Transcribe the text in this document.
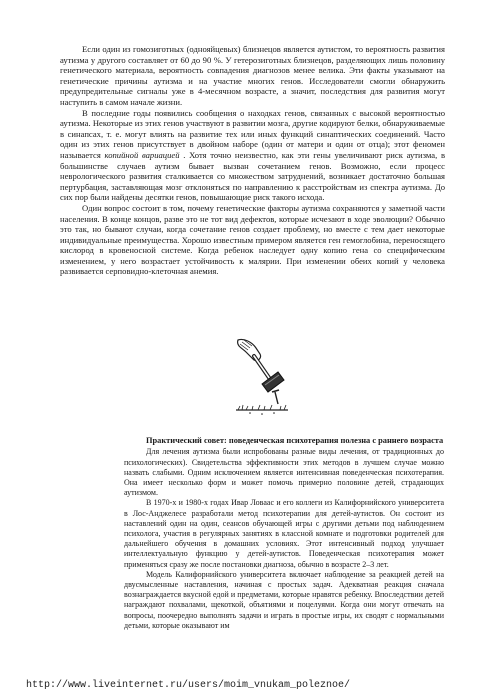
Если один из гомозиготных (однояйцевых) близнецов является аутистом, то вероятность развития аутизма у другого составляет от 60 до 90 %. У гетерозиготных близнецов, разделяющих лишь половину генетического материала, вероятность совпадения диагнозов менее велика. Эти факты указывают на генетические причины аутизма и на участие многих генов. Исследователи смогли обнаружить предупредительные сигналы уже в 4-месячном возрасте, а значит, последствия для развития могут наступить в самом начале жизни.

В последние годы появились сообщения о находках генов, связанных с высокой вероятностью аутизма. Некоторые из этих генов участвуют в развитии мозга, другие кодируют белки, обнаруживаемые в синапсах, т. е. могут влиять на развитие тех или иных функций синаптических соединений. Часто один из этих генов присутствует в двойном наборе (один от матери и один от отца); этот феномен называется копийной вариацией . Хотя точно неизвестно, как эти гены увеличивают риск аутизма, в большинстве случаев аутизм бывает вызван сочетанием генов. Возможно, если процесс неврологического развития сталкивается со множеством затруднений, возникает достаточно большая пертурбация, заставляющая мозг отклоняться по направлению к расстройствам из спектра аутизма. До сих пор были найдены десятки генов, повышающие риск такого исхода.

Один вопрос состоит в том, почему генетические факторы аутизма сохраняются у заметной части населения. В конце концов, разве это не тот вид дефектов, которые исчезают в ходе эволюции? Обычно это так, но бывают случаи, когда сочетание генов создает проблему, но вместе с тем дает некоторые индивидуальные преимущества. Хорошо известным примером является ген гемоглобина, переносящего кислород в кровеносной системе. Когда ребенок наследует одну копию гена со специфическим изменением, у него возрастает устойчивость к малярии. При изменении обеих копий у человека развивается серповидно-клеточная анемия.

Практический совет: поведенческая психотерапия полезна с раннего возраста

Для лечения аутизма были испробованы разные виды лечения, от традиционных до психологических). Свидетельства эффективности этих методов в лучшем случае можно назвать слабыми. Одним исключением является интенсивная поведенческая психотерапия. Она имеет несколько форм и может помочь примерно половине детей, страдающих аутизмом.

В 1970-х и 1980-х годах Ивар Ловаас и его коллеги из Калифорнийского университета в Лос-Анджелесе разработали метод психотерапии для детей-аутистов. Он состоит из наставлений один на один, сеансов обучающей игры с другими детьми под наблюдением психолога, участия в регулярных занятиях в классной комнате и подготовки родителей для дальнейшего обучения в домашних условиях. Этот интенсивный подход улучшает интеллектуальную функцию у детей-аутистов. Поведенческая психотерапия может применяться сразу же после постановки диагноза, обычно в возрасте 2–3 лет.

Модель Калифорнийского университета включает наблюдение за реакцией детей на двусмысленные наставления, начиная с простых задач. Адекватная реакция сначала вознаграждается вкусной едой и предметами, которые нравятся ребенку. Впоследствии детей награждают похвалами, щекоткой, объятиями и поцелуями. Когда они могут отвечать на вопросы, поочередно выполнять задачи и играть в простые игры, их сводят с нормальными детьми, которые оказывают им

http://www.liveinternet.ru/users/moim_vnukam_poleznoe/
